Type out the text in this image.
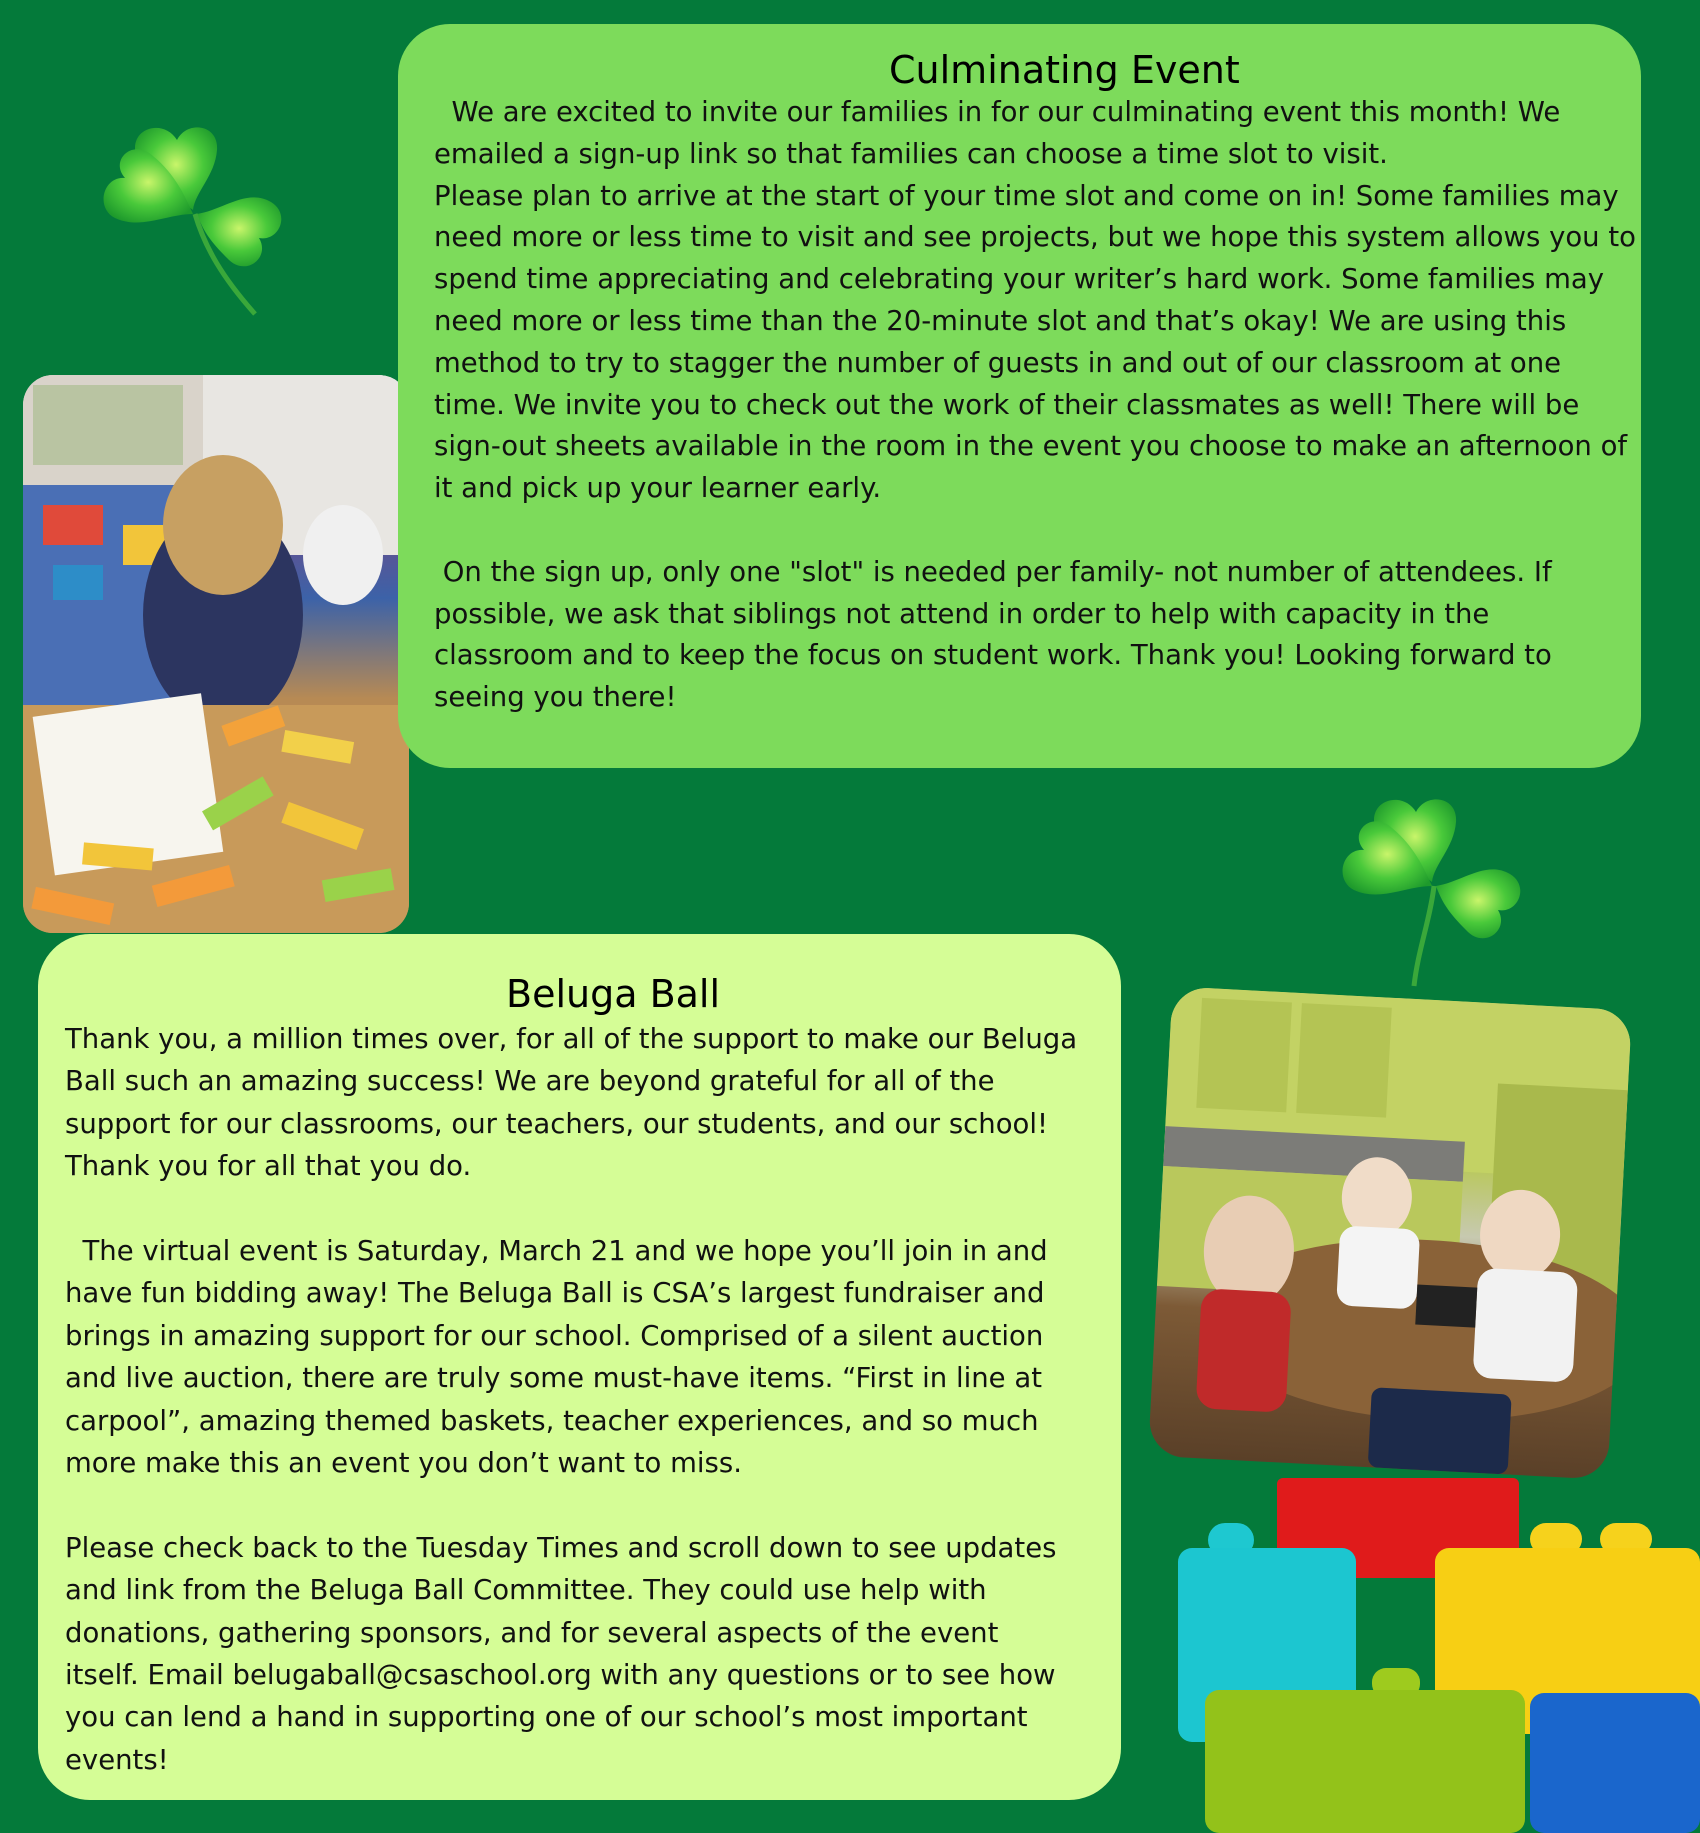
Culminating Event

We are excited to invite our families in for our culminating event this month! We

emailed a sign-up link so that families can choose a time slot to visit.

Please plan to arrive at the start of your time slot and come on in! Some families may

need more or less time to visit and see projects, but we hope this system allows you to

spend time appreciating and celebrating your writer’s hard work. Some families may

need more or less time than the 20-minute slot and that’s okay! We are using this

method to try to stagger the number of guests in and out of our classroom at one

time. We invite you to check out the work of their classmates as well! There will be

sign-out sheets available in the room in the event you choose to make an afternoon of

it and pick up your learner early.

On the sign up, only one "slot" is needed per family- not number of attendees. If

possible, we ask that siblings not attend in order to help with capacity in the

classroom and to keep the focus on student work. Thank you! Looking forward to

seeing you there!

Beluga Ball

Thank you, a million times over, for all of the support to make our Beluga

Ball such an amazing success! We are beyond grateful for all of the

support for our classrooms, our teachers, our students, and our school!

Thank you for all that you do.

The virtual event is Saturday, March 21 and we hope you’ll join in and

have fun bidding away! The Beluga Ball is CSA’s largest fundraiser and

brings in amazing support for our school. Comprised of a silent auction

and live auction, there are truly some must-have items. “First in line at

carpool”, amazing themed baskets, teacher experiences, and so much

more make this an event you don’t want to miss.

Please check back to the Tuesday Times and scroll down to see updates

and link from the Beluga Ball Committee. They could use help with

donations, gathering sponsors, and for several aspects of the event

itself. Email belugaball@csaschool.org with any questions or to see how

you can lend a hand in supporting one of our school’s most important

events!
